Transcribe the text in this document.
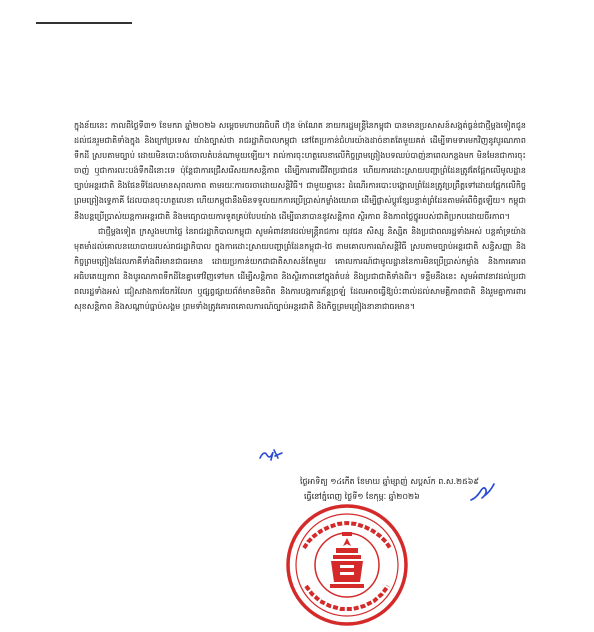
ក្នុងន័យនេះ កាលពីថ្ងៃទី៣១ ខែមករា ឆ្នាំ២០២៦ សម្តេចមហាបវរធិបតី ហ៊ុន ម៉ាណែត នាយករដ្ឋមន្ត្រីនៃកម្ពុជា បានមានប្រសាសន៍សង្កត់ធ្ងន់ជាថ្មីម្តងទៀតជូនដល់ជនរួមជាតិទាំងក្នុង និងក្រៅប្រទេស យ៉ាងច្បាស់ថា រាជរដ្ឋាភិបាលកម្ពុជា នៅតែប្រកាន់ជំហរយ៉ាងដាច់ខាតតែមួយគត់ ដើម្បីទាមទារមកវិញនូវបូរណភាពទឹកដី ស្របតាមច្បាប់ ដោយមិនបោះបង់ចោលតំបន់ណាមួយឡើយ។ រាល់ការចុះហត្ថលេខាលើកិច្ចព្រមព្រៀងបទឈប់បាញ់នាពេលកន្លងមក មិនមែនជាការចុះចាញ់ ឬជាការលះបង់ទឹកដីនោះទេ ប៉ុន្តែជាការជ្រើសរើសយកសន្តិភាព ដើម្បីការពារជីវិតប្រជាជន ហើយការដោះស្រាយបញ្ហាព្រំដែនត្រូវតែផ្អែកលើមូលដ្ឋានច្បាប់អន្តរជាតិ និងផែនទីដែលមានសុពលភាព តាមរយៈការចរចាដោយសន្តិវិធី។ ជាមួយគ្នានេះ ដំណើរការបោះបង្គោលព្រំដែនត្រូវប្រព្រឹត្តទៅដោយផ្អែកលើកិច្ចព្រមព្រៀងទ្វេភាគី ដែលបានចុះហត្ថលេខា ហើយកម្ពុជានឹងមិនទទួលយកការប្រើប្រាស់កម្លាំងយោធា ដើម្បីផ្លាស់ប្តូរខ្សែបន្ទាត់ព្រំដែនតាមអំពើចិត្តឡើយ។ កម្ពុជានឹងបន្តប្រើប្រាស់យន្តការអន្តរជាតិ និងមធ្យោបាយការទូតគ្រប់បែបយ៉ាង ដើម្បីធានាបាននូវសន្តិភាព ស្ថិរភាព និងភាពថ្លៃថ្នូររបស់ជាតិប្រកបដោយចីរភាព។

ជាថ្មីម្តងទៀត ក្រសួងមហាផ្ទៃ នៃរាជរដ្ឋាភិបាលកម្ពុជា សូមអំពាវនាវដល់មន្ត្រីរាជការ យុវជន សិស្ស និស្សិត និងប្រជាពលរដ្ឋទាំងអស់ បន្តគាំទ្រយ៉ាងមុតមាំដល់គោលនយោបាយរបស់រាជរដ្ឋាភិបាល ក្នុងការដោះស្រាយបញ្ហាព្រំដែនកម្ពុជា-ថៃ តាមគោលការណ៍សន្តិវិធី ស្របតាមច្បាប់អន្តរជាតិ សន្ធិសញ្ញា និងកិច្ចព្រមព្រៀងដែលភាគីទាំងពីរមានជាធរមាន ដោយប្រកាន់យកជាជាតិសាសន៍តែមួយ គោលការណ៍ជាមូលដ្ឋាននៃការមិនប្រើប្រាស់កម្លាំង និងការគោរពអធិបតេយ្យភាព និងបូរណភាពទឹកដីនៃគ្នាទៅវិញទៅមក ដើម្បីសន្តិភាព និងស្ថិរភាពនៅក្នុងតំបន់ និងប្រជាជាតិទាំងពីរ។ ទន្ទឹមនឹងនេះ សូមអំពាវនាវដល់ប្រជាពលរដ្ឋទាំងអស់ ជៀសវាងការចែករំលែក ឬផ្សព្វផ្សាយព័ត៌មានមិនពិត និងការបង្កការភ័ន្តច្រឡំ ដែលអាចធ្វើឱ្យប៉ះពាល់ដល់សាមគ្គីភាពជាតិ និងរួមគ្នាការពារសុខសន្តិភាព និងសណ្តាប់ធ្នាប់សង្គម ព្រមទាំងត្រូវគោរពគោលការណ៍ច្បាប់អន្តរជាតិ និងកិច្ចព្រមព្រៀងនានាជាធរមាន។

ថ្ងៃអាទិត្យ ១៤កើត ខែមាឃ ឆ្នាំម្សាញ់ សប្តស័ក ព.ស.២៥៦៩
ធ្វើនៅភ្នំពេញ ថ្ងៃទី១ ខែកុម្ភៈ ឆ្នាំ២០២៦
